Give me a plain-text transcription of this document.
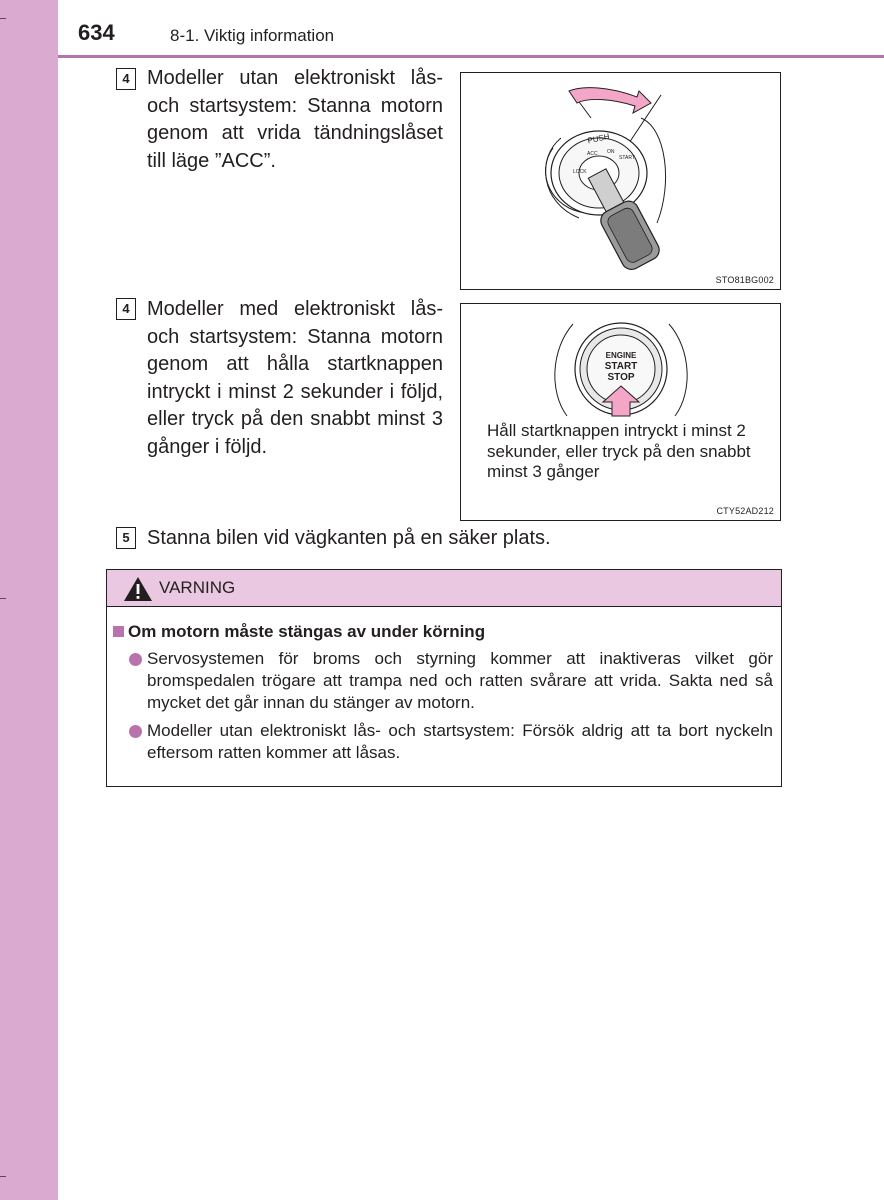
634	8-1. Viktig information
4 Modeller utan elektroniskt lås- och startsystem: Stanna motorn genom att vrida tändningslåset till läge ”ACC”.
PUSH
LOCK
ACC ON
START
STO81BG002
4 Modeller med elektroniskt lås- och startsystem: Stanna motorn genom att hålla startknappen intryckt i minst 2 sekunder i följd, eller tryck på den snabbt minst 3 gånger i följd.
ENGINE
START
STOP
Håll startknappen intryckt i minst 2 sekunder, eller tryck på den snabbt minst 3 gånger
CTY52AD212
5 Stanna bilen vid vägkanten på en säker plats.
VARNING
Om motorn måste stängas av under körning
Servosystemen för broms och styrning kommer att inaktiveras vilket gör bromspedalen trögare att trampa ned och ratten svårare att vrida. Sakta ned så mycket det går innan du stänger av motorn.
Modeller utan elektroniskt lås- och startsystem: Försök aldrig att ta bort nyckeln eftersom ratten kommer att låsas.
